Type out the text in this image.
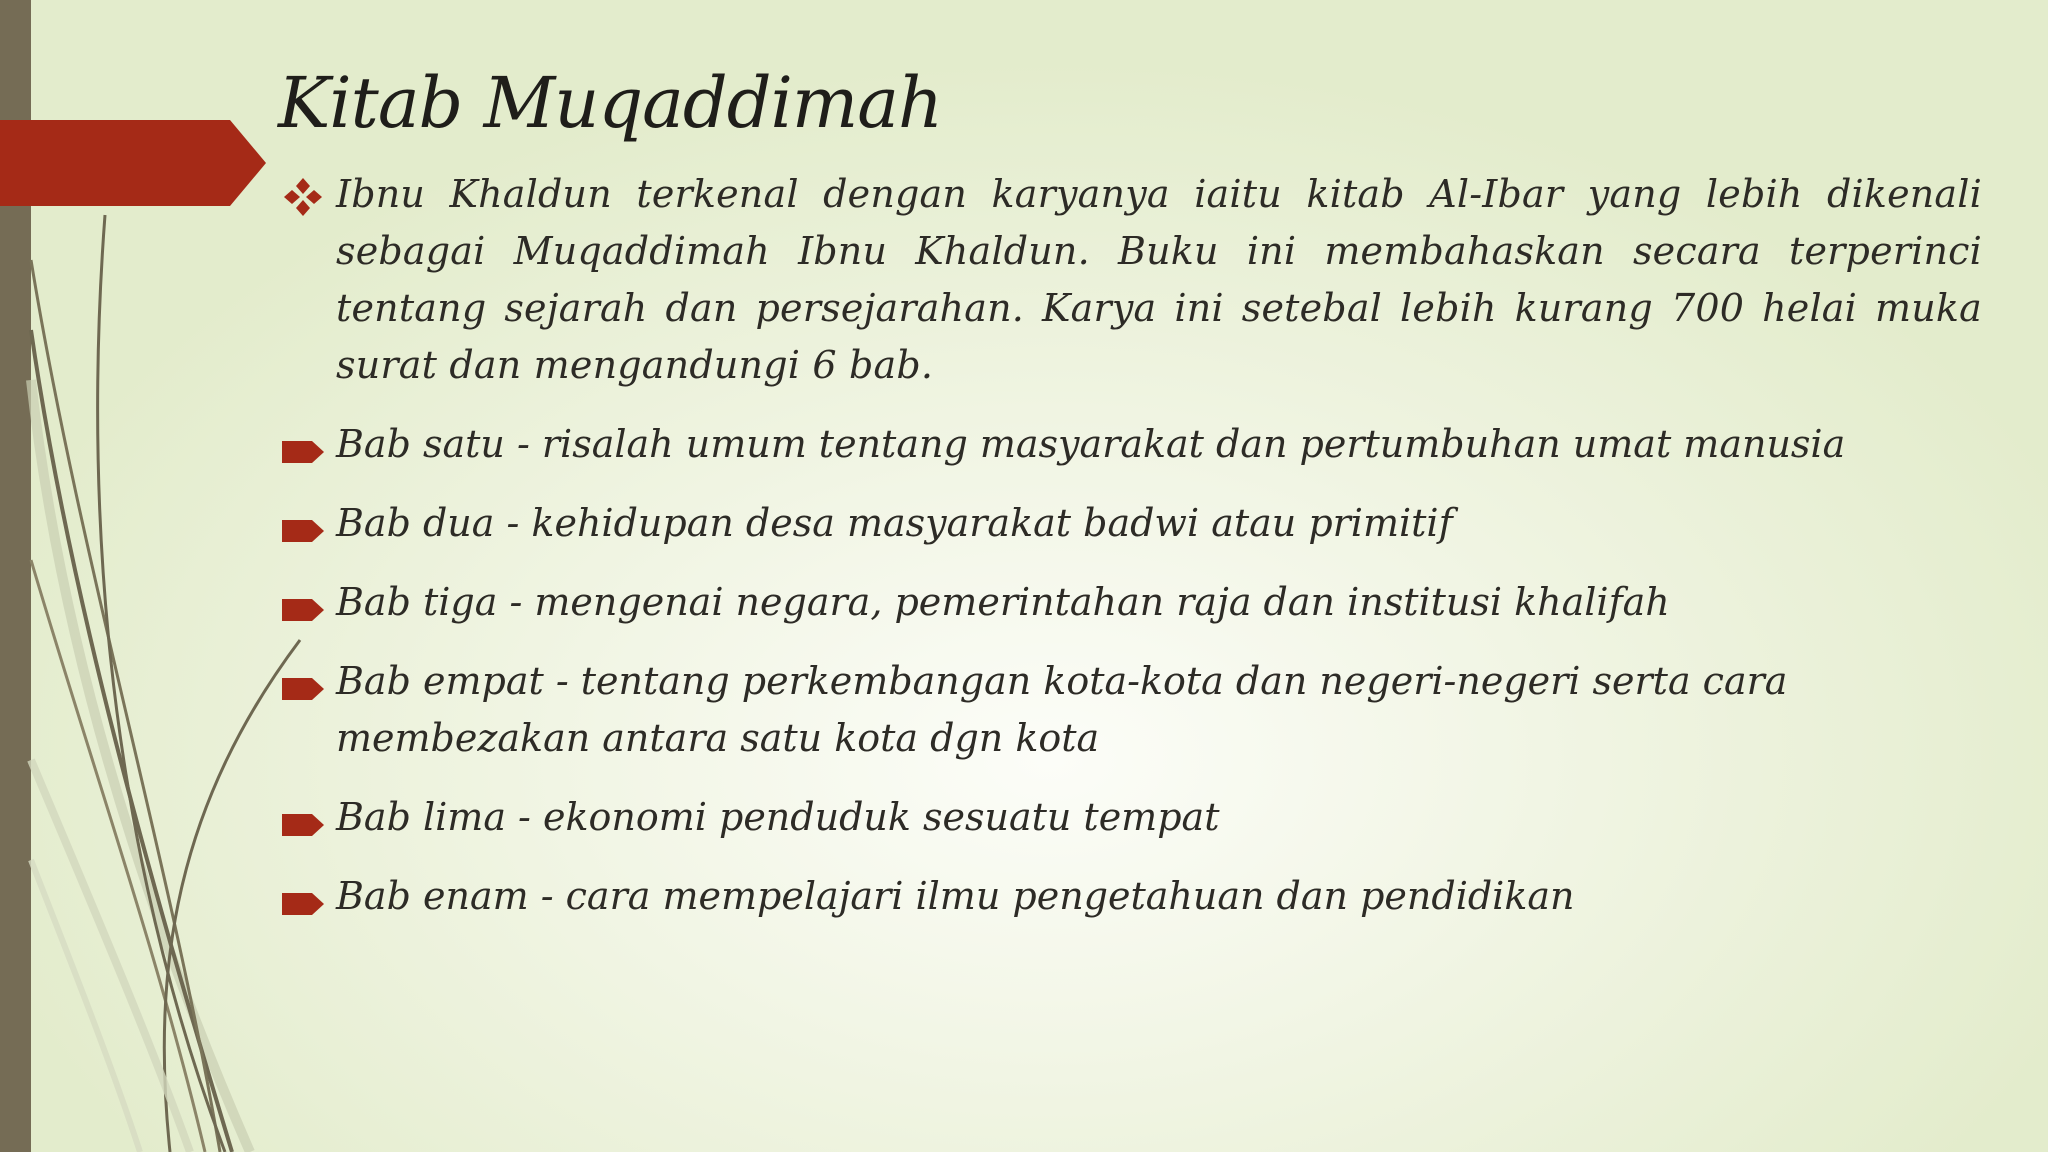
Kitab Muqaddimah
Ibnu Khaldun terkenal dengan karyanya iaitu kitab Al-Ibar yang lebih dikenali sebagai Muqaddimah Ibnu Khaldun. Buku ini membahaskan secara terperinci tentang sejarah dan persejarahan. Karya ini setebal lebih kurang 700 helai muka surat dan mengandungi 6 bab.
Bab satu - risalah umum tentang masyarakat dan pertumbuhan umat manusia
Bab dua - kehidupan desa masyarakat badwi atau primitif
Bab tiga - mengenai negara, pemerintahan raja dan institusi khalifah
Bab empat - tentang perkembangan kota-kota dan negeri-negeri serta cara membezakan antara satu kota dgn kota
Bab lima - ekonomi penduduk sesuatu tempat
Bab enam - cara mempelajari ilmu pengetahuan dan pendidikan
